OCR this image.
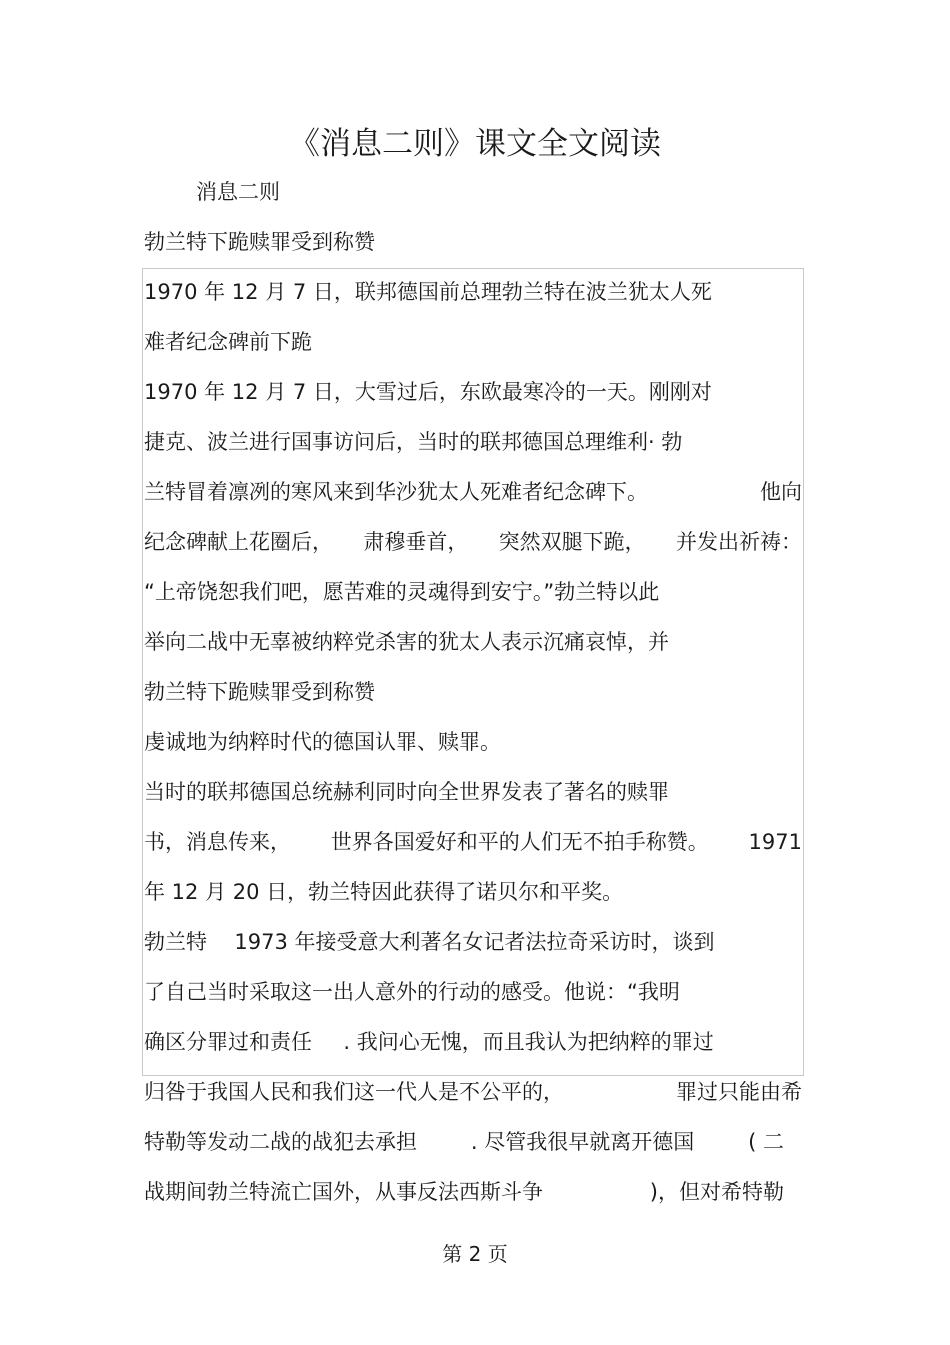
《消息二则》课文全文阅读
消息二则
勃兰特下跪赎罪受到称赞
1970 年 12 月 7 日，联邦德国前总理勃兰特在波兰犹太人死
难者纪念碑前下跪
1970 年 12 月 7 日，大雪过后，东欧最寒冷的一天。刚刚对
捷克、波兰进行国事访问后，当时的联邦德国总理维利· 勃
兰特冒着凛冽的寒风来到华沙犹太人死难者纪念碑下。	他向
纪念碑献上花圈后， 肃穆垂首， 突然双腿下跪， 并发出祈祷：
“上帝饶恕我们吧，愿苦难的灵魂得到安宁。”勃兰特以此
举向二战中无辜被纳粹党杀害的犹太人表示沉痛哀悼，并
勃兰特下跪赎罪受到称赞
虔诚地为纳粹时代的德国认罪、赎罪。
当时的联邦德国总统赫利同时向全世界发表了著名的赎罪
书，消息传来， 世界各国爱好和平的人们无不拍手称赞。 1971
年 12 月 20 日，勃兰特因此获得了诺贝尔和平奖。
勃兰特 1973 年接受意大利著名女记者法拉奇采访时，谈到
了自己当时采取这一出人意外的行动的感受。他说：“我明
确区分罪过和责任 . 我问心无愧，而且我认为把纳粹的罪过
归咎于我国人民和我们这一代人是不公平的，	罪过只能由希
特勒等发动二战的战犯去承担	. 尽管我很早就离开德国	( 二
战期间勃兰特流亡国外，从事反法西斯斗争	)，但对希特勒
第 2 页
